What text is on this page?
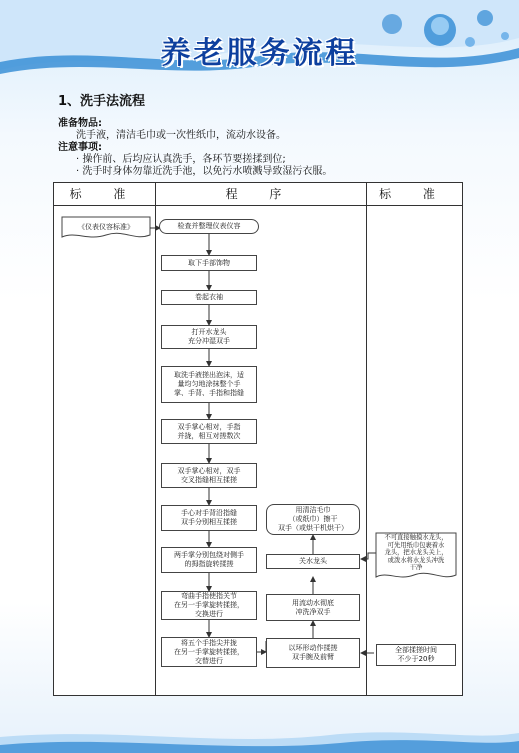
养老服务流程
1、洗手法流程
准备物品:
洗手液，清洁毛巾或一次性纸巾，流动水设备。
注意事项:
· 操作前、后均应认真洗手，各环节要搓揉到位;
· 洗手时身体勿靠近洗手池，以免污水喷溅导致湿污衣服。
标 准	程 序	标 准
检查并整理仪表仪容
取下手部饰物
卷起衣袖
打开水龙头
充分冲湿双手
取洗手液搓出泡沫，适
量均匀地涂抹整个手
掌、手背、手指和指缝
双手掌心相对，手指
并拢，相互对搓数次
双手掌心相对，双手
交叉指缝相互揉搓
手心对手背沿指缝
双手分别相互揉搓
两手掌分别包绕对侧手
的拇指旋转揉搓
弯曲手指使指关节
在另一手掌旋转揉搓，
交换进行
将五个手指尖并拢
在另一手掌旋转揉搓，
交替进行
用清洁毛巾
（或纸巾）擦干
双手（或烘干机烘干）
关水龙头
用流动水彻底
冲洗净双手
以环形动作揉搓
双手腕及前臂
《仪表仪容标准》
不可直接触摸水龙头，
可先用纸巾包裹着水
龙头，把水龙头关上，
或泼水将水龙头冲洗
干净
全部揉搓时间
不少于20秒
